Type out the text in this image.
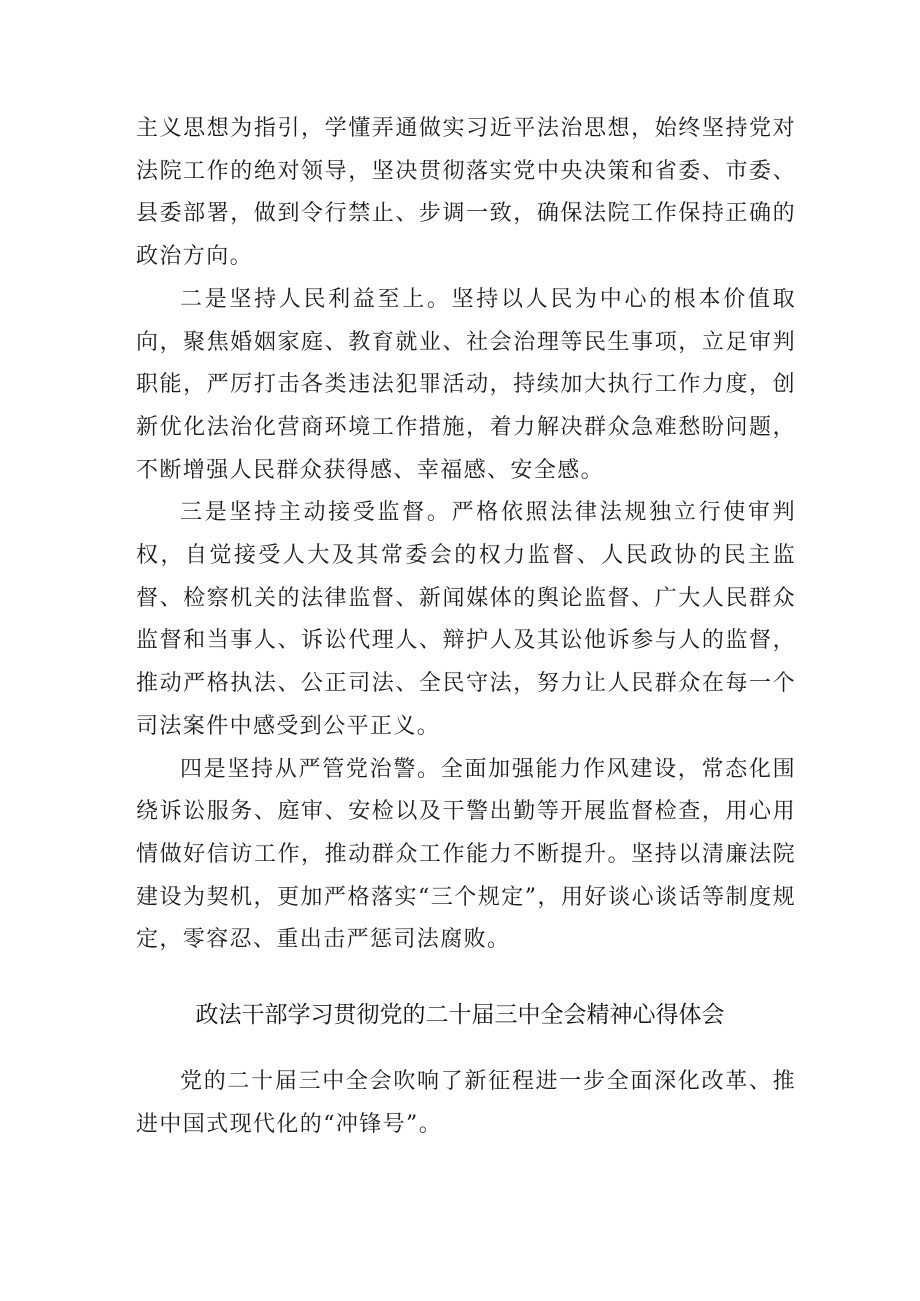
主义思想为指引，学懂弄通做实习近平法治思想，始终坚持党对法院工作的绝对领导，坚决贯彻落实党中央决策和省委、市委、县委部署，做到令行禁止、步调一致，确保法院工作保持正确的政治方向。

二是坚持人民利益至上。坚持以人民为中心的根本价值取向，聚焦婚姻家庭、教育就业、社会治理等民生事项，立足审判职能，严厉打击各类违法犯罪活动，持续加大执行工作力度，创新优化法治化营商环境工作措施，着力解决群众急难愁盼问题，不断增强人民群众获得感、幸福感、安全感。

三是坚持主动接受监督。严格依照法律法规独立行使审判权，自觉接受人大及其常委会的权力监督、人民政协的民主监督、检察机关的法律监督、新闻媒体的舆论监督、广大人民群众监督和当事人、诉讼代理人、辩护人及其讼他诉参与人的监督，推动严格执法、公正司法、全民守法，努力让人民群众在每一个司法案件中感受到公平正义。

四是坚持从严管党治警。全面加强能力作风建设，常态化围绕诉讼服务、庭审、安检以及干警出勤等开展监督检查，用心用情做好信访工作，推动群众工作能力不断提升。坚持以清廉法院建设为契机，更加严格落实“三个规定”，用好谈心谈话等制度规定，零容忍、重出击严惩司法腐败。

政法干部学习贯彻党的二十届三中全会精神心得体会

党的二十届三中全会吹响了新征程进一步全面深化改革、推进中国式现代化的“冲锋号”。
